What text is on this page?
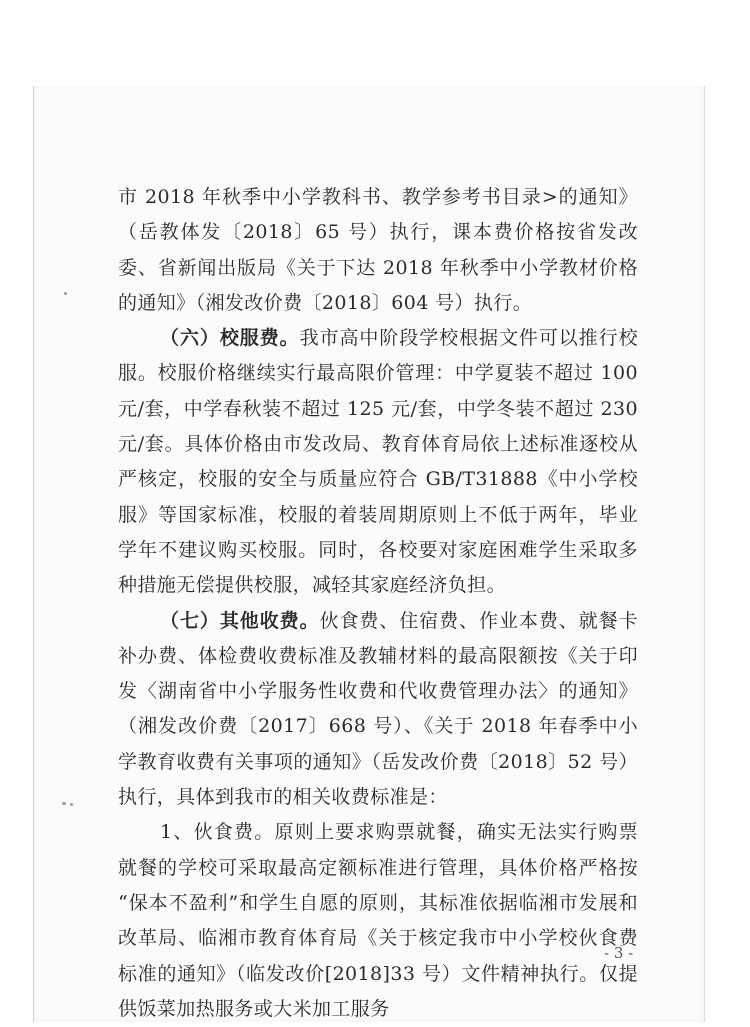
市 2018 年秋季中小学教科书、教学参考书目录>的通知》（岳教体发〔2018〕65 号）执行，课本费价格按省发改委、省新闻出版局《关于下达 2018 年秋季中小学教材价格的通知》（湘发改价费〔2018〕604 号）执行。

（六）校服费。我市高中阶段学校根据文件可以推行校服。校服价格继续实行最高限价管理：中学夏装不超过 100 元/套，中学春秋装不超过 125 元/套，中学冬装不超过 230 元/套。具体价格由市发改局、教育体育局依上述标准逐校从严核定，校服的安全与质量应符合 GB/T31888《中小学校服》等国家标准，校服的着装周期原则上不低于两年，毕业学年不建议购买校服。同时，各校要对家庭困难学生采取多种措施无偿提供校服，减轻其家庭经济负担。

（七）其他收费。伙食费、住宿费、作业本费、就餐卡补办费、体检费收费标准及教辅材料的最高限额按《关于印发〈湖南省中小学服务性收费和代收费管理办法〉的通知》（湘发改价费〔2017〕668 号）、《关于 2018 年春季中小学教育收费有关事项的通知》（岳发改价费〔2018〕52 号）执行，具体到我市的相关收费标准是：

1、伙食费。原则上要求购票就餐，确实无法实行购票就餐的学校可采取最高定额标准进行管理，具体价格严格按 “保本不盈利”和学生自愿的原则，其标准依据临湘市发展和改革局、临湘市教育体育局《关于核定我市中小学校伙食费标准的通知》（临发改价[2018]33 号）文件精神执行。仅提供饭菜加热服务或大米加工服务

- 3 -
